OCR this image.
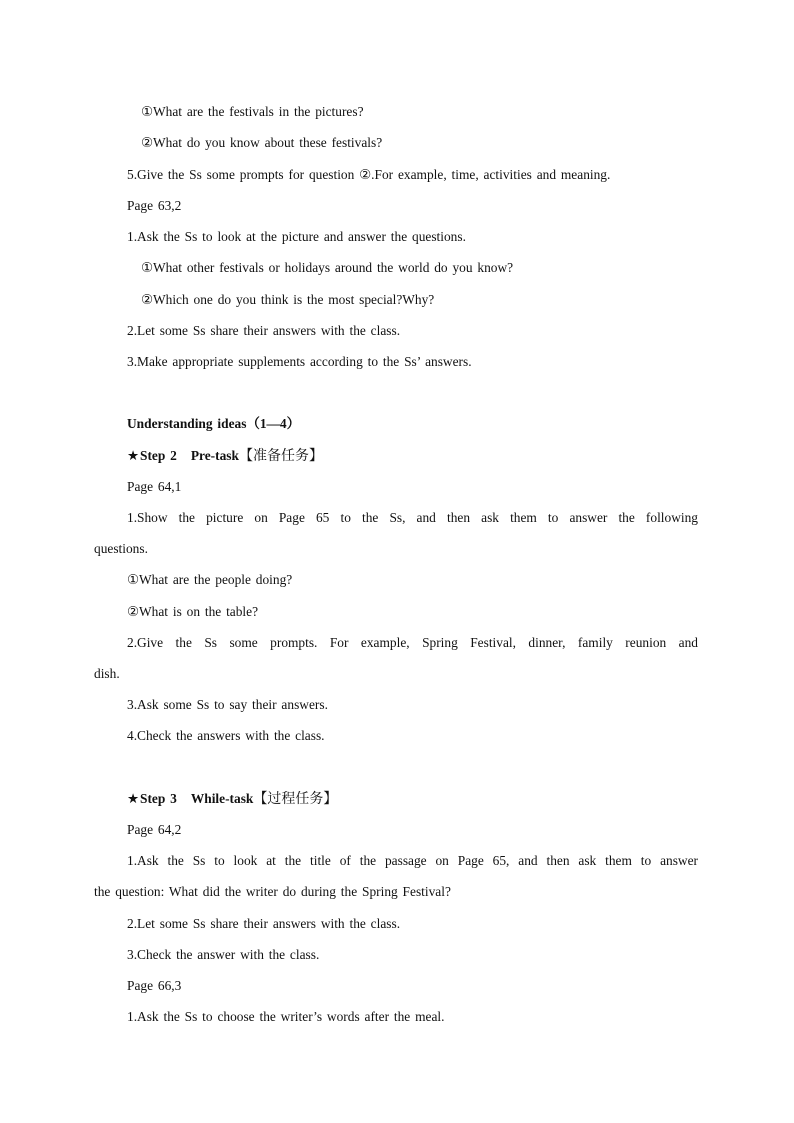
①What are the festivals in the pictures?
②What do you know about these festivals?
5.Give the Ss some prompts for question ②.For example, time, activities and meaning.
Page 63,2
1.Ask the Ss to look at the picture and answer the questions.
①What other festivals or holidays around the world do you know?
②Which one do you think is the most special?Why?
2.Let some Ss share their answers with the class.
3.Make appropriate supplements according to the Ss’ answers.
Understanding ideas（1—4）
★Step 2 Pre-task【准备任务】
Page 64,1
1.Show the picture on Page 65 to the Ss, and then ask them to answer the following
questions.
①What are the people doing?
②What is on the table?
2.Give the Ss some prompts. For example, Spring Festival, dinner, family reunion and
dish.
3.Ask some Ss to say their answers.
4.Check the answers with the class.
★Step 3 While-task【过程任务】
Page 64,2
1.Ask the Ss to look at the title of the passage on Page 65, and then ask them to answer
the question: What did the writer do during the Spring Festival?
2.Let some Ss share their answers with the class.
3.Check the answer with the class.
Page 66,3
1.Ask the Ss to choose the writer’s words after the meal.
